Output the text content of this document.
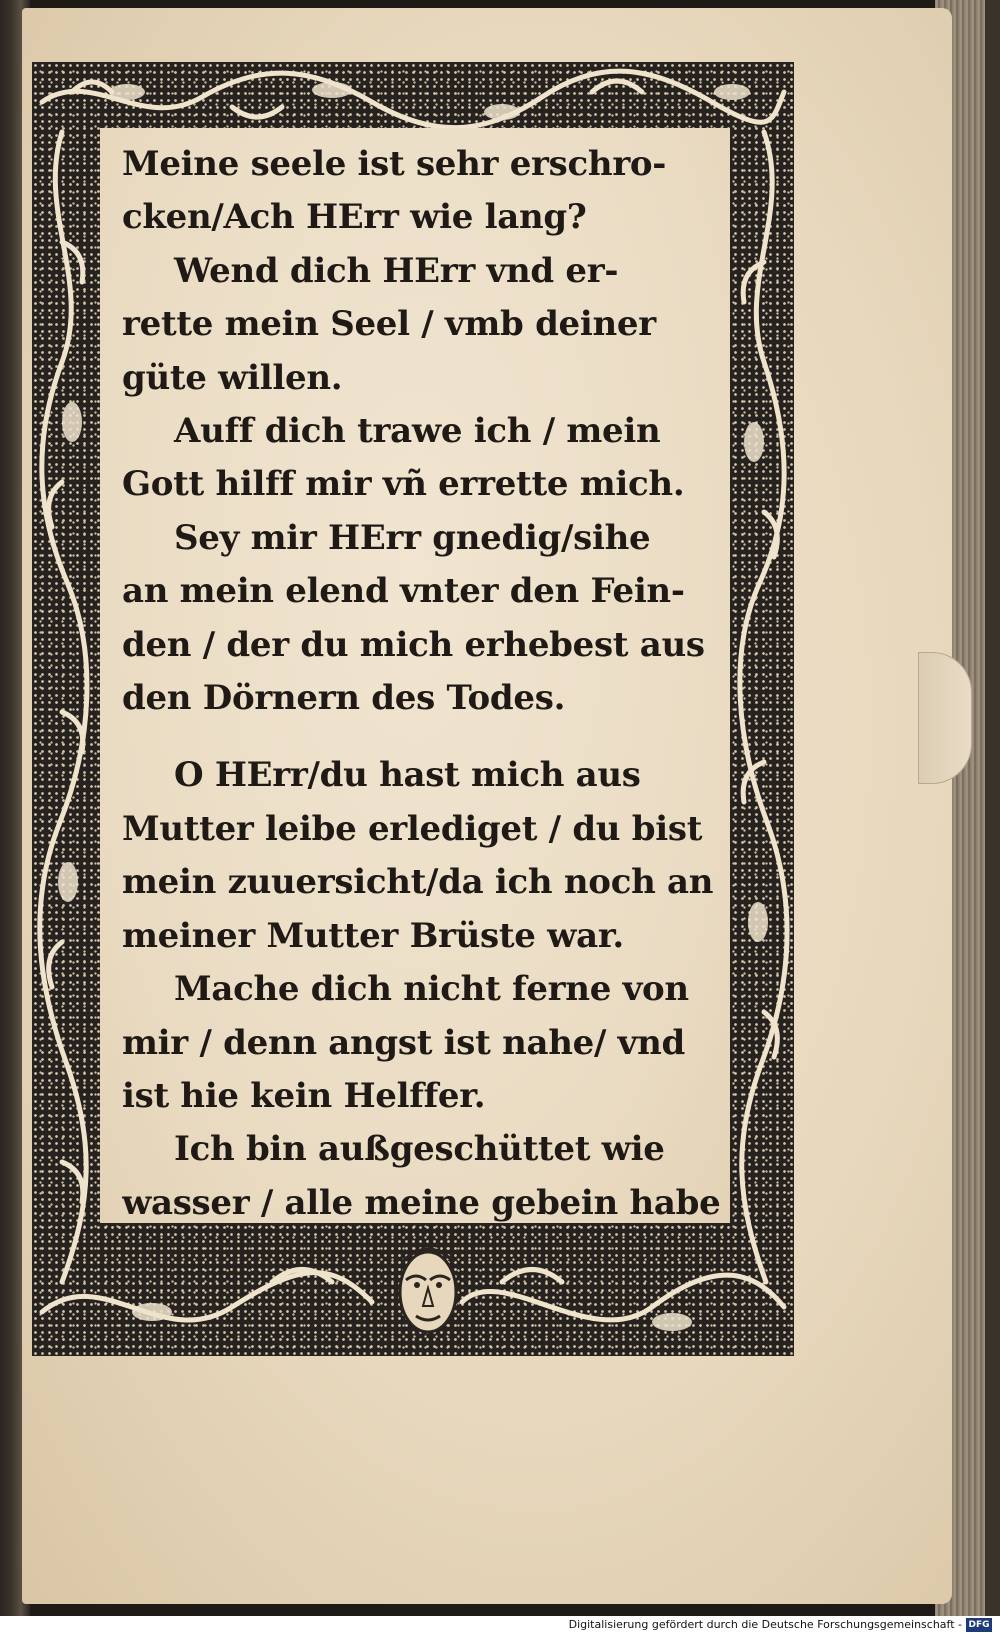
Meine seele ist sehr erschro-
cken/Ach HErr wie lang?
Wend dich HErr vnd er-
rette mein Seel / vmb deiner
güte willen.
Auff dich trawe ich / mein
Gott hilff mir vñ errette mich.
Sey mir HErr gnedig/sihe
an mein elend vnter den Fein-
den / der du mich erhebest aus
den Dörnern des Todes.
O HErr/du hast mich aus
Mutter leibe erlediget / du bist
mein zuuersicht/da ich noch an
meiner Mutter Brüste war.
Mache dich nicht ferne von
mir / denn angst ist nahe/ vnd
ist hie kein Helffer.
Ich bin außgeschüttet wie
wasser / alle meine gebein habe
Digitalisierung gefördert durch die Deutsche Forschungsgemeinschaft - DFG
